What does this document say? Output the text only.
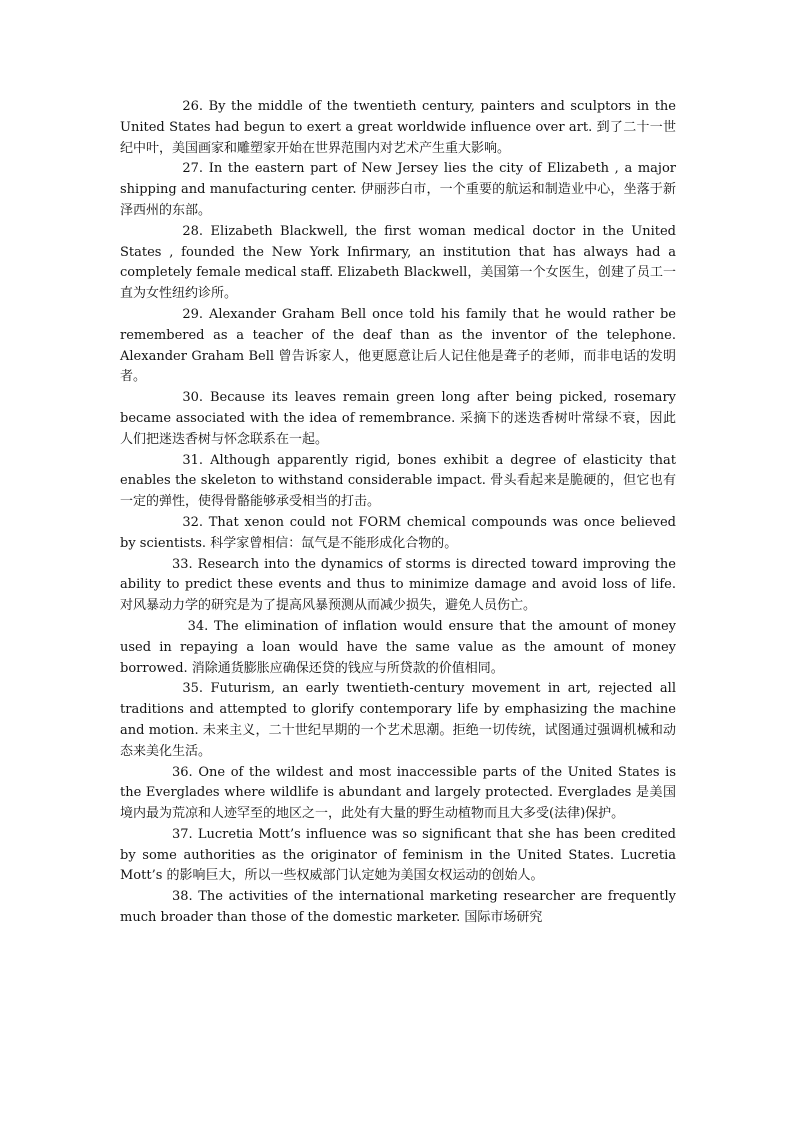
26. By the middle of the twentieth century, painters and sculptors in the United States had begun to exert a great worldwide influence over art. 到了二十一世纪中叶，美国画家和雕塑家开始在世界范围内对艺术产生重大影响。

27. In the eastern part of New Jersey lies the city of Elizabeth , a major shipping and manufacturing center. 伊丽莎白市，一个重要的航运和制造业中心，坐落于新泽西州的东部。

28. Elizabeth Blackwell, the first woman medical doctor in the United States , founded the New York Infirmary, an institution that has always had a completely female medical staff. Elizabeth Blackwell，美国第一个女医生，创建了员工一直为女性纽约诊所。

29. Alexander Graham Bell once told his family that he would rather be remembered as a teacher of the deaf than as the inventor of the telephone. Alexander Graham Bell 曾告诉家人，他更愿意让后人记住他是聋子的老师，而非电话的发明者。

30. Because its leaves remain green long after being picked, rosemary became associated with the idea of remembrance. 采摘下的迷迭香树叶常绿不衰，因此人们把迷迭香树与怀念联系在一起。

31. Although apparently rigid, bones exhibit a degree of elasticity that enables the skeleton to withstand considerable impact. 骨头看起来是脆硬的，但它也有一定的弹性，使得骨骼能够承受相当的打击。

32. That xenon could not FORM chemical compounds was once believed by scientists. 科学家曾相信：氙气是不能形成化合物的。

33. Research into the dynamics of storms is directed toward improving the ability to predict these events and thus to minimize damage and avoid loss of life. 对风暴动力学的研究是为了提高风暴预测从而减少损失，避免人员伤亡。

34. The elimination of inflation would ensure that the amount of money used in repaying a loan would have the same value as the amount of money borrowed. 消除通货膨胀应确保还贷的钱应与所贷款的价值相同。

35. Futurism, an early twentieth-century movement in art, rejected all traditions and attempted to glorify contemporary life by emphasizing the machine and motion. 未来主义，二十世纪早期的一个艺术思潮。拒绝一切传统，试图通过强调机械和动态来美化生活。

36. One of the wildest and most inaccessible parts of the United States is the Everglades where wildlife is abundant and largely protected. Everglades 是美国境内最为荒凉和人迹罕至的地区之一，此处有大量的野生动植物而且大多受(法律)保护。

37. Lucretia Mott’s influence was so significant that she has been credited by some authorities as the originator of feminism in the United States. Lucretia Mott’s 的影响巨大，所以一些权威部门认定她为美国女权运动的创始人。

38. The activities of the international marketing researcher are frequently much broader than those of the domestic marketer. 国际市场研究
